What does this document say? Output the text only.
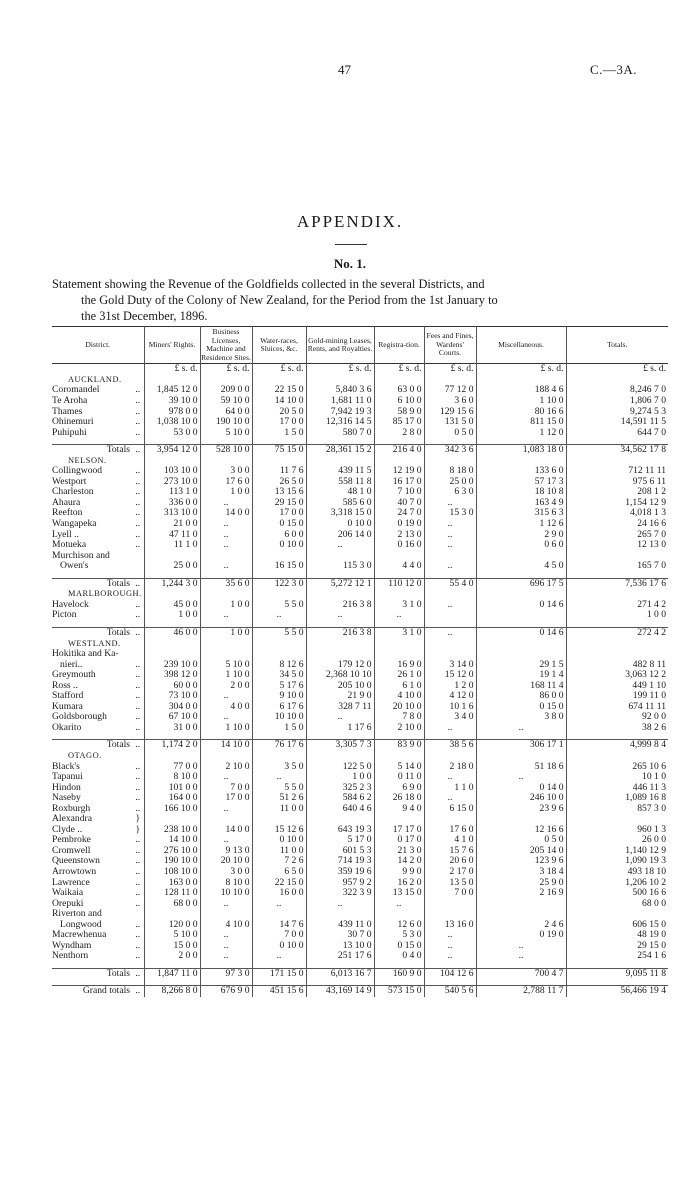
47	C.—3A.
APPENDIX.
No. 1.
Statement showing the Revenue of the Goldfields collected in the several Districts, and
the Gold Duty of the Colony of New Zealand, for the Period from the 1st January to
the 31st December, 1896.
District.		Miners' Rights.	Business Licenses, Machine and Residence Sites.	Water-races, Sluices, &c.	Gold-mining Leases, Rents, and Royalties.	Registra-tion.	Fees and Fines, Wardens' Courts.	Miscellaneous.	Totals.
		£ s. d.	£ s. d.	£ s. d.	£ s. d.	£ s. d.	£ s. d.	£ s. d.	£ s. d.
AUCKLAND.									
Coromandel	..	1,845 12 0	209 0 0	22 15 0	5,840 3 6	63 0 0	77 12 0	188 4 6	8,246 7 0
Te Aroha	..	39 10 0	59 10 0	14 10 0	1,681 11 0	6 10 0	3 6 0	1 10 0	1,806 7 0
Thames	..	978 0 0	64 0 0	20 5 0	7,942 19 3	58 9 0	129 15 6	80 16 6	9,274 5 3
Ohinemuri	..	1,038 10 0	190 10 0	17 0 0	12,316 14 5	85 17 0	131 5 0	811 15 0	14,591 11 5
Puhipuhi	..	53 0 0	5 10 0	1 5 0	580 7 0	2 8 0	0 5 0	1 12 0	644 7 0

Totals	..	3,954 12 0	528 10 0	75 15 0	28,361 15 2	216 4 0	342 3 6	1,083 18 0	34,562 17 8
NELSON.									
Collingwood	..	103 10 0	3 0 0	11 7 6	439 11 5	12 19 0	8 18 0	133 6 0	712 11 11
Westport	..	273 10 0	17 6 0	26 5 0	558 11 8	16 17 0	25 0 0	57 17 3	975 6 11
Charleston	..	113 1 0	1 0 0	13 15 6	48 1 0	7 10 0	6 3 0	18 10 8	208 1 2
Ahaura	..	336 0 0	..	29 15 0	585 6 0	40 7 0	..	163 4 9	1,154 12 9
Reefton	..	313 10 0	14 0 0	17 0 0	3,318 15 0	24 7 0	15 3 0	315 6 3	4,018 1 3
Wangapeka	..	21 0 0	..	0 15 0	0 10 0	0 19 0	..	1 12 6	24 16 6
Lyell ..	..	47 11 0	..	6 0 0	206 14 0	2 13 0	..	2 9 0	265 7 0
Motueka	..	11 1 0	..	0 10 0	..	0 16 0	..	0 6 0	12 13 0
Murchison and									
Owen's		25 0 0	..	16 15 0	115 3 0	4 4 0	..	4 5 0	165 7 0

Totals	..	1,244 3 0	35 6 0	122 3 0	5,272 12 1	110 12 0	55 4 0	696 17 5	7,536 17 6
MARLBOROUGH.									
Havelock	..	45 0 0	1 0 0	5 5 0	216 3 8	3 1 0	..	0 14 6	271 4 2
Picton	..	1 0 0	..	..	..	..			1 0 0

Totals	..	46 0 0	1 0 0	5 5 0	216 3 8	3 1 0	..	0 14 6	272 4 2
WESTLAND.									
Hokitika and Ka-									
nieri..	..	239 10 0	5 10 0	8 12 6	179 12 0	16 9 0	3 14 0	29 1 5	482 8 11
Greymouth	..	398 12 0	1 10 0	34 5 0	2,368 10 10	26 1 0	15 12 0	19 1 4	3,063 12 2
Ross ..	..	60 0 0	2 0 0	5 17 6	205 10 0	6 1 0	1 2 0	168 11 4	449 1 10
Stafford	..	73 10 0	..	9 10 0	21 9 0	4 10 0	4 12 0	86 0 0	199 11 0
Kumara	..	304 0 0	4 0 0	6 17 6	328 7 11	20 10 0	10 1 6	0 15 0	674 11 11
Goldsborough	..	67 10 0	..	10 10 0	..	7 8 0	3 4 0	3 8 0	92 0 0
Okarito	..	31 0 0	1 10 0	1 5 0	1 17 6	2 10 0	..	..	38 2 6

Totals	..	1,174 2 0	14 10 0	76 17 6	3,305 7 3	83 9 0	38 5 6	306 17 1	4,999 8 4
OTAGO.									
Black's	..	77 0 0	2 10 0	3 5 0	122 5 0	5 14 0	2 18 0	51 18 6	265 10 6
Tapanui	..	8 10 0	..	..	1 0 0	0 11 0	..	..	10 1 0
Hindon	..	101 0 0	7 0 0	5 5 0	325 2 3	6 9 0	1 1 0	0 14 0	446 11 3
Naseby	..	164 0 0	17 0 0	51 2 6	584 6 2	26 18 0	..	246 10 0	1,089 16 8
Roxburgh	..	166 10 0	..	11 0 0	640 4 6	9 4 0	6 15 0	23 9 6	857 3 0
Alexandra	}								
Clyde ..	}	238 10 0	14 0 0	15 12 6	643 19 3	17 17 0	17 6 0	12 16 6	960 1 3
Pembroke	..	14 10 0	..	0 10 0	5 17 0	0 17 0	4 1 0	0 5 0	26 0 0
Cromwell	..	276 10 0	9 13 0	11 0 0	601 5 3	21 3 0	15 7 6	205 14 0	1,140 12 9
Queenstown	..	190 10 0	20 10 0	7 2 6	714 19 3	14 2 0	20 6 0	123 9 6	1,090 19 3
Arrowtown	..	108 10 0	3 0 0	6 5 0	359 19 6	9 9 0	2 17 0	3 18 4	493 18 10
Lawrence	..	163 0 0	8 10 0	22 15 0	957 9 2	16 2 0	13 5 0	25 9 0	1,206 10 2
Waikaia	..	128 11 0	10 10 0	16 0 0	322 3 9	13 15 0	7 0 0	2 16 9	500 16 6
Orepuki	..	68 0 0	..	..	..	..			68 0 0
Riverton and									
Longwood	..	120 0 0	4 10 0	14 7 6	439 11 0	12 6 0	13 16 0	2 4 6	606 15 0
Macrewhenua	..	5 10 0	..	7 0 0	30 7 0	5 3 0	..	0 19 0	48 19 0
Wyndham	..	15 0 0	..	0 10 0	13 10 0	0 15 0	..	..	29 15 0
Nenthorn	..	2 0 0	..	..	251 17 6	0 4 0	..	..	254 1 6

Totals	..	1,847 11 0	97 3 0	171 15 0	6,013 16 7	160 9 0	104 12 6	700 4 7	9,095 11 8

Grand totals	..	8,266 8 0	676 9 0	451 15 6	43,169 14 9	573 15 0	540 5 6	2,788 11 7	56,466 19 4
